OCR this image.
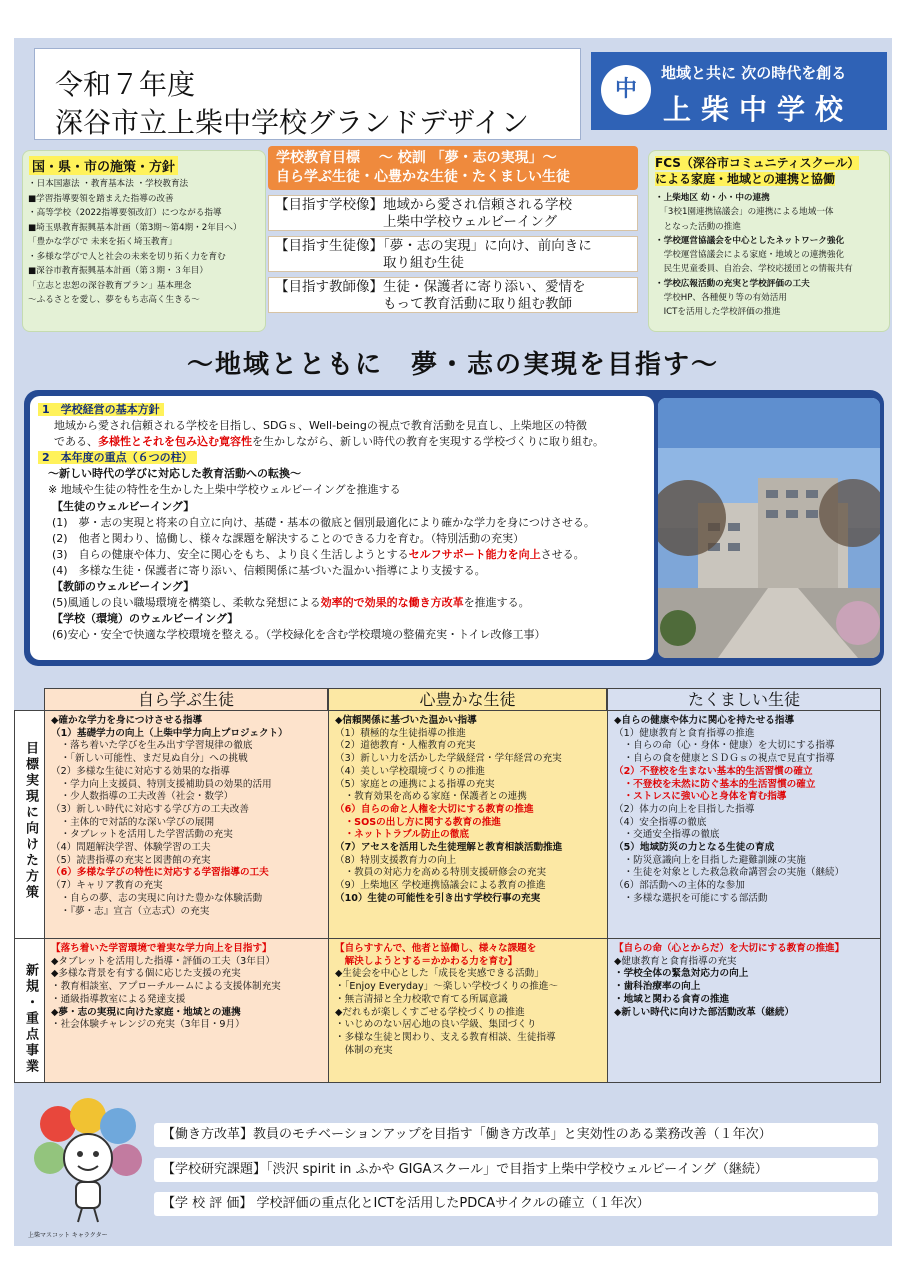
令和７年度
深谷市立上柴中学校グランドデザイン
中
地域と共に 次の時代を創る
上柴中学校
国・県・市の施策・方針
・日本国憲法 ・教育基本法 ・学校教育法
■学習指導要領を踏まえた指導の改善
・高等学校（2022指導要領改訂）につながる指導
■埼玉県教育振興基本計画（第3期〜第4期・2年目へ）
「豊かな学びで 未来を拓く埼玉教育」
・多様な学びで人と社会の未来を切り拓く力を育む
■深谷市教育振興基本計画（第３期・３年目）
「立志と忠恕の深谷教育プラン」基本理念
〜ふるさとを愛し、夢をもち志高く生きる〜
学校教育目標　 〜 校訓 「夢・志の実現」〜
自ら学ぶ生徒・心豊かな生徒・たくましい生徒
【目指す学校像】地域から愛され信頼される学校
　　　　　　　　上柴中学校ウェルビーイング
【目指す生徒像】「夢・志の実現」に向け、前向きに
　　　　　　　　取り組む生徒
【目指す教師像】生徒・保護者に寄り添い、愛情を
　　　　　　　　もって教育活動に取り組む教師
FCS（深谷市コミュニティスクール）
による家庭・地域との連携と協働
・上柴地区 幼・小・中の連携
　「3校1園連携協議会」の連携による地域一体
　となった活動の推進
・学校運営協議会を中心としたネットワーク強化
　学校運営協議会による家庭・地域との連携強化
　民生児童委員、自治会、学校応援団との情報共有
・学校広報活動の充実と学校評価の工夫
　学校HP、各種便り等の有効活用
　ICTを活用した学校評価の推進
〜地域とともに　夢・志の実現を目指す〜
1　学校経営の基本方針
地域から愛され信頼される学校を目指し、SDGｓ、Well-beingの視点で教育活動を見直し、上柴地区の特徴
である、多様性とそれを包み込む寛容性を生かしながら、新しい時代の教育を実現する学校づくりに取り組む。
2　本年度の重点（６つの柱）
〜新しい時代の学びに対応した教育活動への転換〜
※ 地域や生徒の特性を生かした上柴中学校ウェルビーイングを推進する
【生徒のウェルビーイング】
(1)　夢・志の実現と将来の自立に向け、基礎・基本の徹底と個別最適化により確かな学力を身につけさせる。
(2)　他者と関わり、協働し、様々な課題を解決することのできる力を育む。（特別活動の充実）
(3)　自らの健康や体力、安全に関心をもち、より良く生活しようとするセルフサポート能力を向上させる。
(4)　多様な生徒・保護者に寄り添い、信頼関係に基づいた温かい指導により支援する。
【教師のウェルビーイング】
(5)風通しの良い職場環境を構築し、柔軟な発想による効率的で効果的な働き方改革を推進する。
【学校（環境）のウェルビーイング】
(6)安心・安全で快適な学校環境を整える。（学校緑化を含む学校環境の整備充実・トイレ改修工事）
自ら学ぶ生徒	心豊かな生徒	たくましい生徒
目標実現に向けた方策
◆確かな学力を身につけさせる指導
（1）基礎学力の向上（上柴中学力向上プロジェクト）
　・落ち着いた学びを生み出す学習規律の徹底
　・「新しい可能性、まだ見ぬ自分」への挑戦
（2）多様な生徒に対応する効果的な指導
　・学力向上支援員、特別支援補助員の効果的活用
　・少人数指導の工夫改善（社会・数学）
（3）新しい時代に対応する学び方の工夫改善
　・主体的で対話的な深い学びの展開
　・タブレットを活用した学習活動の充実
（4）問題解決学習、体験学習の工夫
（5）読書指導の充実と図書館の充実
（6）多様な学びの特性に対応する学習指導の工夫
（7）キャリア教育の充実
　・自らの夢、志の実現に向けた豊かな体験活動
　・『夢・志』宣言（立志式）の充実
◆信頼関係に基づいた温かい指導
（1）積極的な生徒指導の推進
（2）道徳教育・人権教育の充実
（3）新しい力を活かした学級経営・学年経営の充実
（4）美しい学校環境づくりの推進
（5）家庭との連携による指導の充実
　・教育効果を高める家庭・保護者との連携
（6）自らの命と人権を大切にする教育の推進
　・SOSの出し方に関する教育の推進
　・ネットトラブル防止の徹底
（7）アセスを活用した生徒理解と教育相談活動推進
（8）特別支援教育力の向上
　・教員の対応力を高める特別支援研修会の充実
（9）上柴地区 学校連携協議会による教育の推進
（10）生徒の可能性を引き出す学校行事の充実
◆自らの健康や体力に関心を持たせる指導
（1）健康教育と食育指導の推進
　・自らの命（心・身体・健康）を大切にする指導
　・自らの食を健康とＳＤＧｓの視点で見直す指導
（2）不登校を生まない基本的生活習慣の確立
　・不登校を未然に防ぐ基本的生活習慣の確立
　・ストレスに強い心と身体を育む指導
（2）体力の向上を目指した指導
（4）安全指導の徹底
　・交通安全指導の徹底
（5）地域防災の力となる生徒の育成
　・防災意識向上を目指した避難訓練の実施
　・生徒を対象とした救急救命講習会の実施（継続）
（6）部活動への主体的な参加
　・多様な選択を可能にする部活動
新規・重点事業
【落ち着いた学習環境で着実な学力向上を目指す】
◆タブレットを活用した指導・評価の工夫（3年目）
◆多様な背景を有する個に応じた支援の充実
・教育相談室、アプローチルームによる支援体制充実
・通級指導教室による発達支援
◆夢・志の実現に向けた家庭・地域との連携
・社会体験チャレンジの充実（3年目・9月）
【自らすすんで、他者と協働し、様々な課題を
　解決しようとする＝かかわる力を育む】
◆生徒会を中心とした「成長を実感できる活動」
・「Enjoy Everyday」〜楽しい学校づくりの推進〜
・無言清掃と全力校歌で育てる所属意識
◆だれもが楽しくすごせる学校づくりの推進
・いじめのない居心地の良い学級、集団づくり
・多様な生徒と関わり、支える教育相談、生徒指導
　体制の充実
【自らの命（心とからだ）を大切にする教育の推進】
◆健康教育と食育指導の充実
・学校全体の緊急対応力の向上
・歯科治療率の向上
・地域と関わる食育の推進
◆新しい時代に向けた部活動改革（継続）
上柴マスコット キャラクター
【働き方改革】教員のモチベーションアップを目指す「働き方改革」と実効性のある業務改善（１年次）
【学校研究課題】「渋沢 spirit in ふかや GIGAスクール」で目指す上柴中学校ウェルビーイング（継続）
【学 校 評 価】 学校評価の重点化とICTを活用したPDCAサイクルの確立（１年次）
